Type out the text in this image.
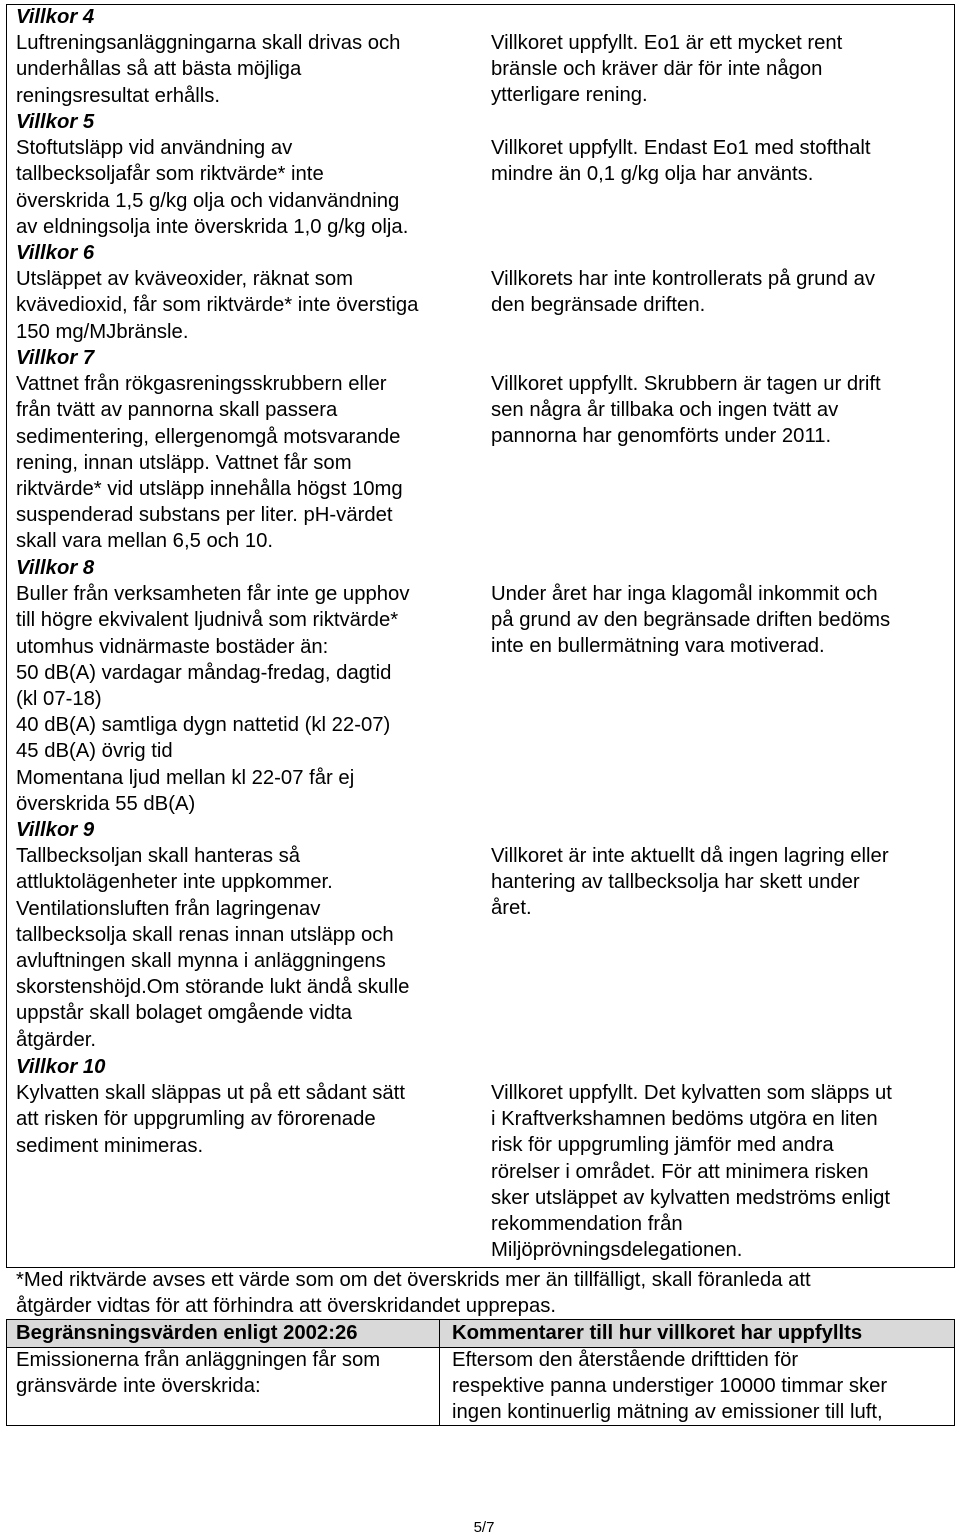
Villkor 4
Luftreningsanläggningarna skall drivas och
underhållas så att bästa möjliga
reningsresultat erhålls.
Villkor 5
Stoftutsläpp vid användning av
tallbecksoljafår som riktvärde* inte
överskrida 1,5 g/kg olja och vidanvändning
av eldningsolja inte överskrida 1,0 g/kg olja.
Villkor 6
Utsläppet av kväveoxider, räknat som
kvävedioxid, får som riktvärde* inte överstiga
150 mg/MJbränsle.
Villkor 7
Vattnet från rökgasreningsskrubbern eller
från tvätt av pannorna skall passera
sedimentering, ellergenomgå motsvarande
rening, innan utsläpp. Vattnet får som
riktvärde* vid utsläpp innehålla högst 10mg
suspenderad substans per liter. pH-värdet
skall vara mellan 6,5 och 10.
Villkor 8
Buller från verksamheten får inte ge upphov
till högre ekvivalent ljudnivå som riktvärde*
utomhus vidnärmaste bostäder än:
50 dB(A) vardagar måndag-fredag, dagtid
(kl 07-18)
40 dB(A) samtliga dygn nattetid (kl 22-07)
45 dB(A) övrig tid
Momentana ljud mellan kl 22-07 får ej
överskrida 55 dB(A)
Villkor 9
Tallbecksoljan skall hanteras så
attluktolägenheter inte uppkommer.
Ventilationsluften från lagringenav
tallbecksolja skall renas innan utsläpp och
avluftningen skall mynna i anläggningens
skorstenshöjd.Om störande lukt ändå skulle
uppstår skall bolaget omgående vidta
åtgärder.
Villkor 10
Kylvatten skall släppas ut på ett sådant sätt
att risken för uppgrumling av förorenade
sediment minimeras.
Villkoret uppfyllt. Eo1 är ett mycket rent
bränsle och kräver där för inte någon
ytterligare rening.
Villkoret uppfyllt. Endast Eo1 med stofthalt
mindre än 0,1 g/kg olja har använts.
Villkorets har inte kontrollerats på grund av
den begränsade driften.
Villkoret uppfyllt. Skrubbern är tagen ur drift
sen några år tillbaka och ingen tvätt av
pannorna har genomförts under 2011.
Under året har inga klagomål inkommit och
på grund av den begränsade driften bedöms
inte en bullermätning vara motiverad.
Villkoret är inte aktuellt då ingen lagring eller
hantering av tallbecksolja har skett under
året.
Villkoret uppfyllt. Det kylvatten som släpps ut
i Kraftverkshamnen bedöms utgöra en liten
risk för uppgrumling jämför med andra
rörelser i området. För att minimera risken
sker utsläppet av kylvatten medströms enligt
rekommendation från
Miljöprövningsdelegationen.
*Med riktvärde avses ett värde som om det överskrids mer än tillfälligt, skall föranleda att
åtgärder vidtas för att förhindra att överskridandet upprepas.
Begränsningsvärden enligt 2002:26	Kommentarer till hur villkoret har uppfyllts
Emissionerna från anläggningen får som
gränsvärde inte överskrida:
Eftersom den återstående drifttiden för
respektive panna understiger 10000 timmar sker
ingen kontinuerlig mätning av emissioner till luft,
5/7
